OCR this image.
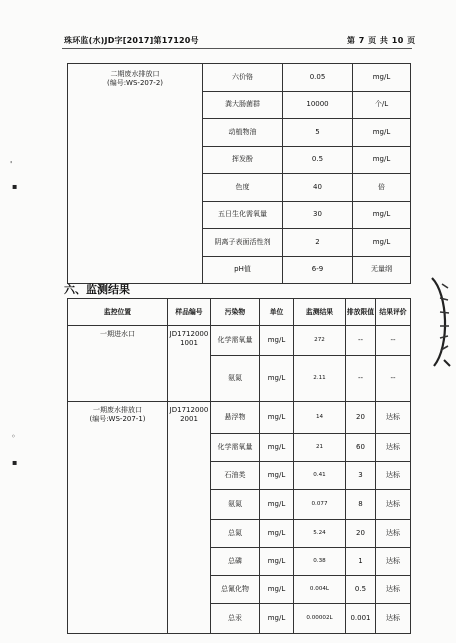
珠环监(水)JD字[2017]第17120号	第 7 页 共 10 页
二期废水排放口
(编号:WS-207-2)	六价铬	0.05	mg/L
	粪大肠菌群	10000	个/L
	动植物油	5	mg/L
	挥发酚	0.5	mg/L
	色度	40	倍
	五日生化需氧量	30	mg/L
	阴离子表面活性剂	2	mg/L
	pH值	6-9	无量纲
六、监测结果
监控位置	样品编号	污染物	单位	监测结果	排放限值	结果评价
一期进水口	JD17120001001	化学需氧量	mg/L	272	--	--
		氨氮	mg/L	2.11	--	--

一期废水排放口
(编号:WS-207-1)	JD17120002001	悬浮物	mg/L	14	20	达标
		化学需氧量	mg/L	21	60	达标
		石油类	mg/L	0.41	3	达标
		氨氮	mg/L	0.077	8	达标
		总氮	mg/L	5.24	20	达标
		总磷	mg/L	0.38	1	达标
		总氰化物	mg/L	0.004L	0.5	达标
		总汞	mg/L	0.00002L	0.001	达标
'
▪
◦
▪
